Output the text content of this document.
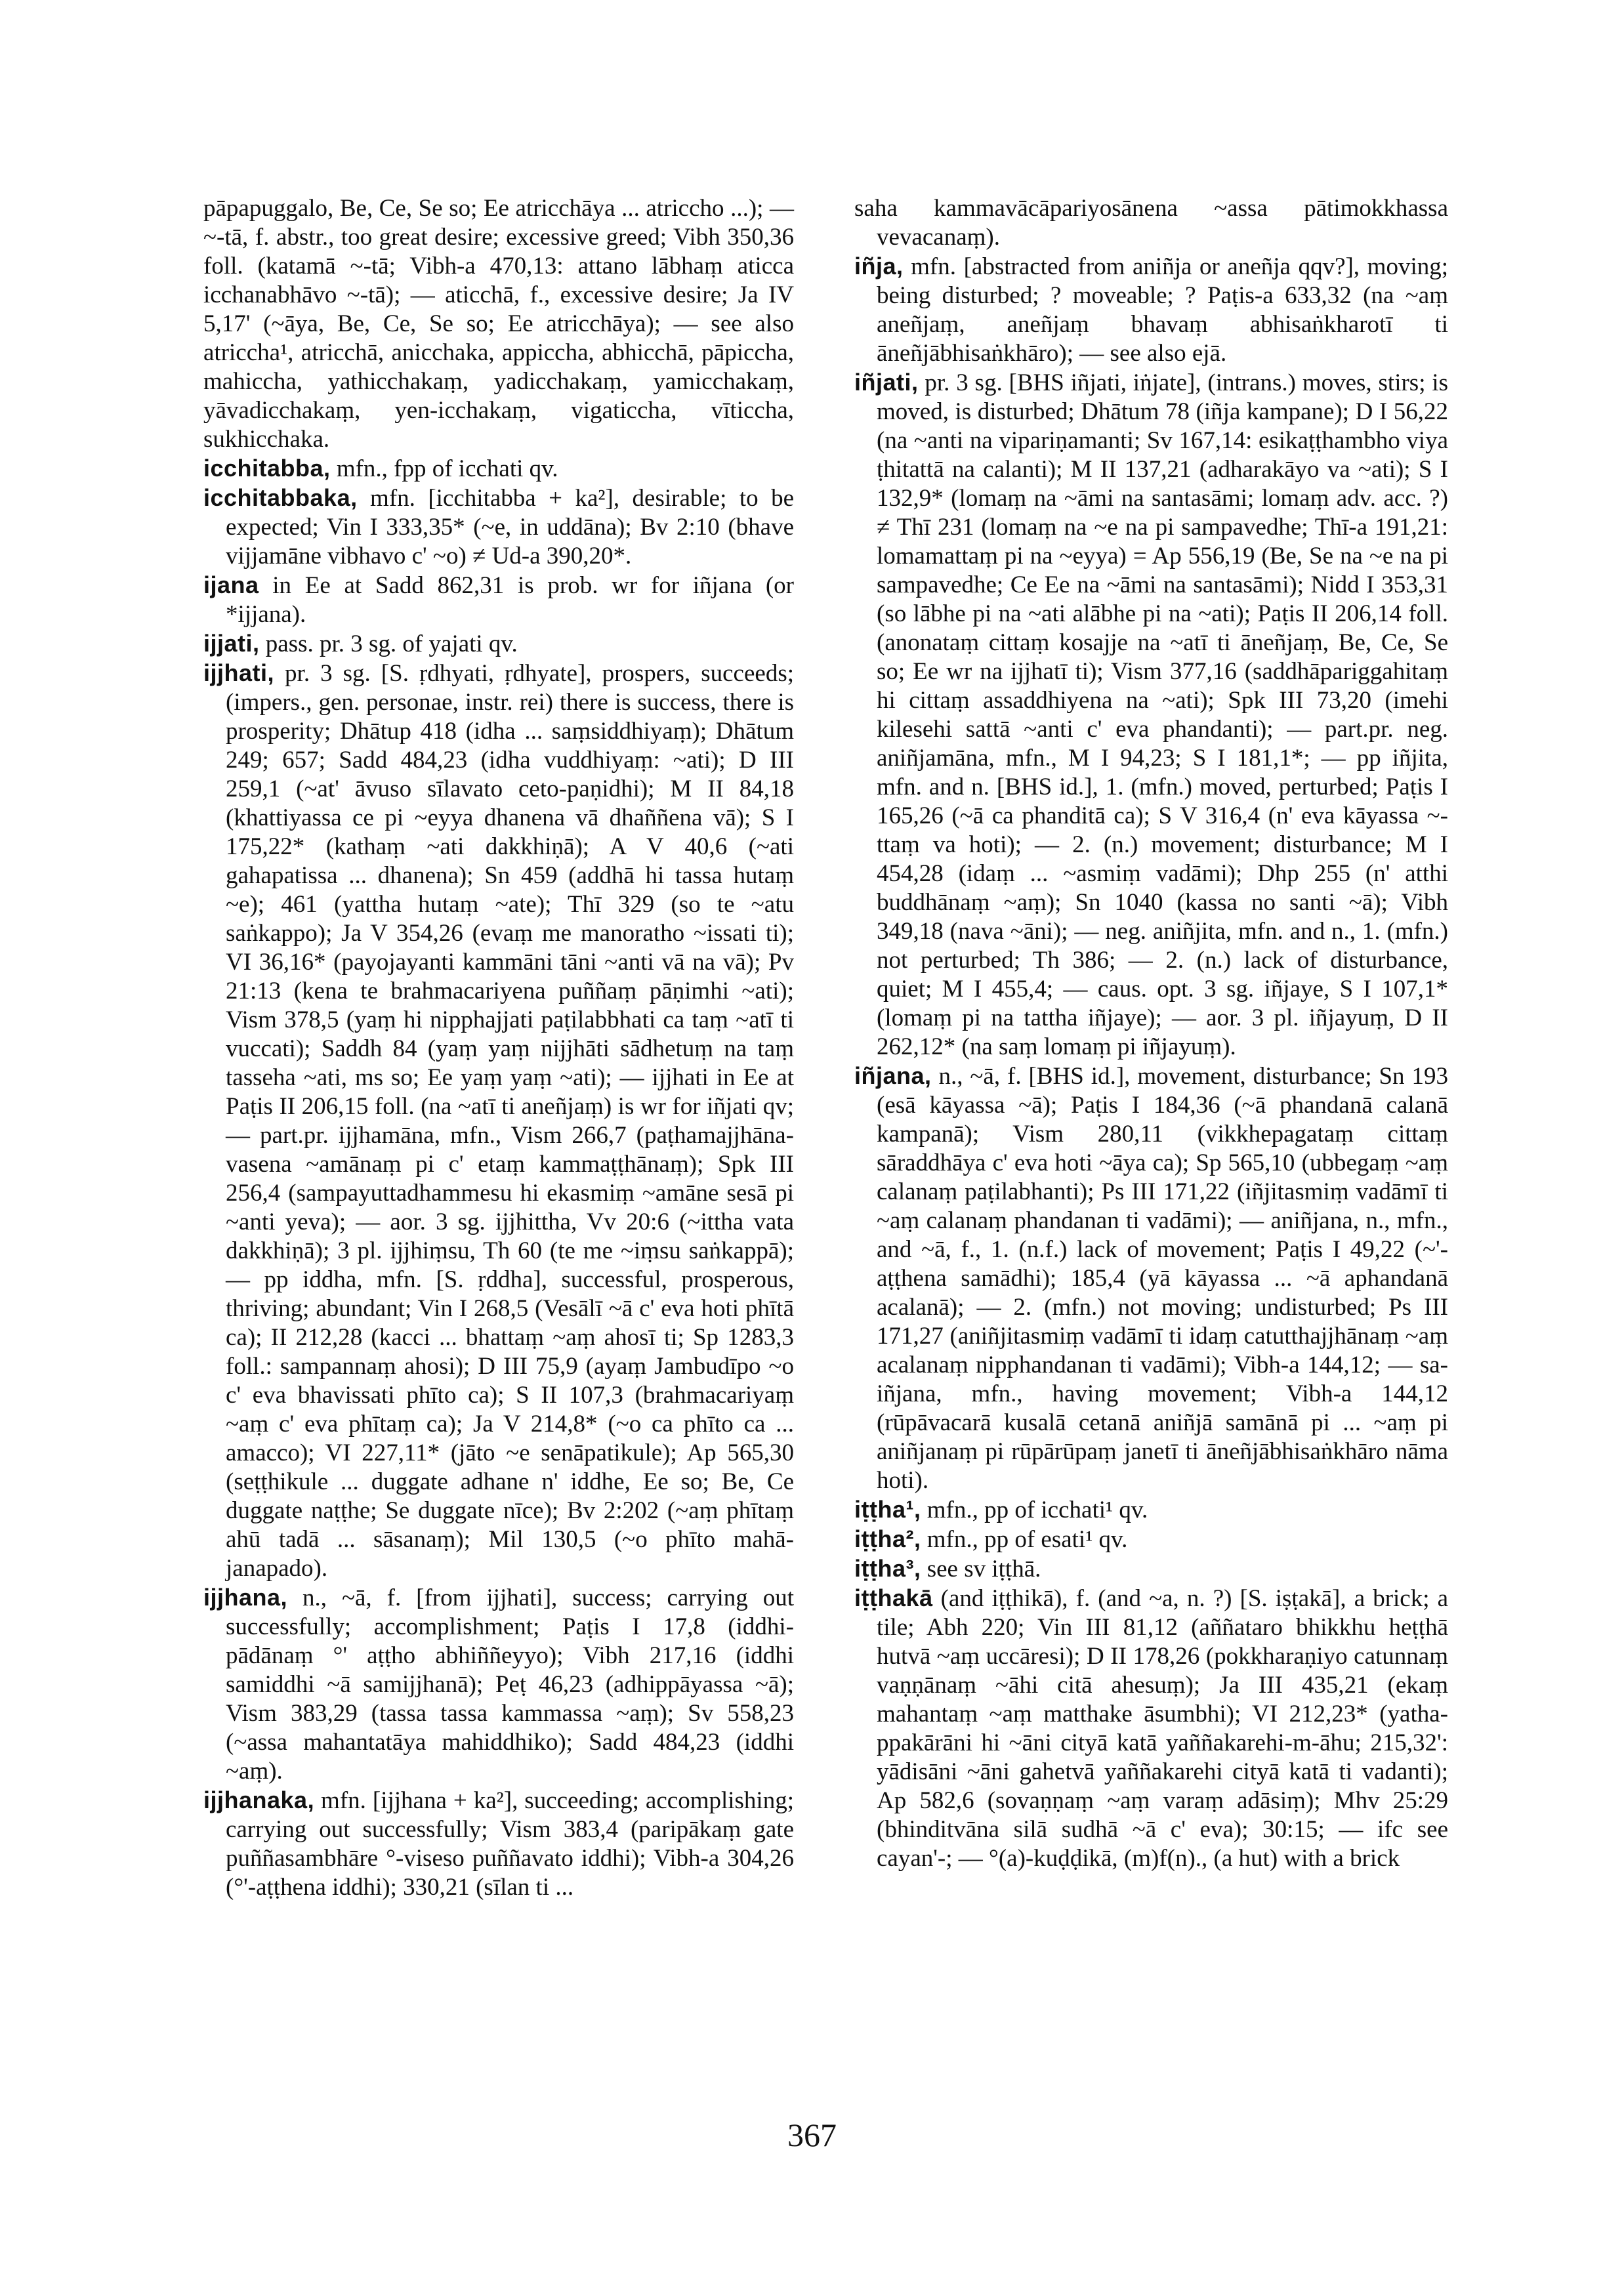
pāpapuggalo, Be, Ce, Se so; Ee atricchāya ... atriccho ...); — ~-tā, f. abstr., too great desire; excessive greed; Vibh 350,36 foll. (katamā ~-tā; Vibh-a 470,13: attano lābhaṃ aticca icchanabhāvo ~-tā); — aticchā, f., excessive desire; Ja IV 5,17' (~āya, Be, Ce, Se so; Ee atricchāya); — see also atriccha¹, atricchā, anicchaka, appiccha, abhicchā, pāpiccha, mahiccha, yathicchakaṃ, yadicchakaṃ, yamicchakaṃ, yāvadicchakaṃ, yen-icchakaṃ, vigaticcha, vīticcha, sukhicchaka.

icchitabba, mfn., fpp of icchati qv.

icchitabbaka, mfn. [icchitabba + ka²], desirable; to be expected; Vin I 333,35* (~e, in uddāna); Bv 2:10 (bhave vijjamāne vibhavo c' ~o) ≠ Ud-a 390,20*.

ijana in Ee at Sadd 862,31 is prob. wr for iñjana (or *ijjana).

ijjati, pass. pr. 3 sg. of yajati qv.

ijjhati, pr. 3 sg. [S. ṛdhyati, ṛdhyate], prospers, succeeds; (impers., gen. personae, instr. rei) there is success, there is prosperity; Dhātup 418 (idha ... saṃsiddhiyaṃ); Dhātum 249; 657; Sadd 484,23 (idha vuddhiyaṃ: ~ati); D III 259,1 (~at' āvuso sīlavato ceto-paṇidhi); M II 84,18 (khattiyassa ce pi ~eyya dhanena vā dhaññena vā); S I 175,22* (kathaṃ ~ati dakkhiṇā); A V 40,6 (~ati gahapatissa ... dhanena); Sn 459 (addhā hi tassa hutaṃ ~e); 461 (yattha hutaṃ ~ate); Thī 329 (so te ~atu saṅkappo); Ja V 354,26 (evaṃ me manoratho ~issati ti); VI 36,16* (payojayanti kammāni tāni ~anti vā na vā); Pv 21:13 (kena te brahmacariyena puññaṃ pāṇimhi ~ati); Vism 378,5 (yaṃ hi nipphajjati paṭilabbhati ca taṃ ~atī ti vuccati); Saddh 84 (yaṃ yaṃ nijjhāti sādhetuṃ na taṃ tasseha ~ati, ms so; Ee yaṃ yaṃ ~ati); — ijjhati in Ee at Paṭis II 206,15 foll. (na ~atī ti aneñjaṃ) is wr for iñjati qv; — part.pr. ijjhamāna, mfn., Vism 266,7 (paṭhamajjhāna-vasena ~amānaṃ pi c' etaṃ kammaṭṭhānaṃ); Spk III 256,4 (sampayuttadhammesu hi ekasmiṃ ~amāne sesā pi ~anti yeva); — aor. 3 sg. ijjhittha, Vv 20:6 (~ittha vata dakkhiṇā); 3 pl. ijjhiṃsu, Th 60 (te me ~iṃsu saṅkappā); — pp iddha, mfn. [S. ṛddha], successful, prosperous, thriving; abundant; Vin I 268,5 (Vesālī ~ā c' eva hoti phītā ca); II 212,28 (kacci ... bhattaṃ ~aṃ ahosī ti; Sp 1283,3 foll.: sampannaṃ ahosi); D III 75,9 (ayaṃ Jambudīpo ~o c' eva bhavissati phīto ca); S II 107,3 (brahmacariyaṃ ~aṃ c' eva phītaṃ ca); Ja V 214,8* (~o ca phīto ca ... amacco); VI 227,11* (jāto ~e senāpatikule); Ap 565,30 (seṭṭhikule ... duggate adhane n' iddhe, Ee so; Be, Ce duggate naṭṭhe; Se duggate nīce); Bv 2:202 (~aṃ phītaṃ ahū tadā ... sāsanaṃ); Mil 130,5 (~o phīto mahā-janapado).

ijjhana, n., ~ā, f. [from ijjhati], success; carrying out successfully; accomplishment; Paṭis I 17,8 (iddhi-pādānaṃ °' aṭṭho abhiññeyyo); Vibh 217,16 (iddhi samiddhi ~ā samijjhanā); Peṭ 46,23 (adhippāyassa ~ā); Vism 383,29 (tassa tassa kammassa ~aṃ); Sv 558,23 (~assa mahantatāya mahiddhiko); Sadd 484,23 (iddhi ~aṃ).

ijjhanaka, mfn. [ijjhana + ka²], succeeding; accomplishing; carrying out successfully; Vism 383,4 (paripākaṃ gate puññasambhāre °-viseso puññavato iddhi); Vibh-a 304,26 (°'-aṭṭhena iddhi); 330,21 (sīlan ti ...

saha kammavācāpariyosānena ~assa pātimokkhassa vevacanaṃ).

iñja, mfn. [abstracted from aniñja or aneñja qqv?], moving; being disturbed; ? moveable; ? Paṭis-a 633,32 (na ~aṃ aneñjaṃ, aneñjaṃ bhavaṃ abhisaṅkharotī ti āneñjābhisaṅkhāro); — see also ejā.

iñjati, pr. 3 sg. [BHS iñjati, iṅjate], (intrans.) moves, stirs; is moved, is disturbed; Dhātum 78 (iñja kampane); D I 56,22 (na ~anti na vipariṇamanti; Sv 167,14: esikaṭṭhambho viya ṭhitattā na calanti); M II 137,21 (adharakāyo va ~ati); S I 132,9* (lomaṃ na ~āmi na santasāmi; lomaṃ adv. acc. ?) ≠ Thī 231 (lomaṃ na ~e na pi sampavedhe; Thī-a 191,21: lomamattaṃ pi na ~eyya) = Ap 556,19 (Be, Se na ~e na pi sampavedhe; Ce Ee na ~āmi na santasāmi); Nidd I 353,31 (so lābhe pi na ~ati alābhe pi na ~ati); Paṭis II 206,14 foll. (anonataṃ cittaṃ kosajje na ~atī ti āneñjaṃ, Be, Ce, Se so; Ee wr na ijjhatī ti); Vism 377,16 (saddhāpariggahitaṃ hi cittaṃ assaddhiyena na ~ati); Spk III 73,20 (imehi kilesehi sattā ~anti c' eva phandanti); — part.pr. neg. aniñjamāna, mfn., M I 94,23; S I 181,1*; — pp iñjita, mfn. and n. [BHS id.], 1. (mfn.) moved, perturbed; Paṭis I 165,26 (~ā ca phanditā ca); S V 316,4 (n' eva kāyassa ~-ttaṃ va hoti); — 2. (n.) movement; disturbance; M I 454,28 (idaṃ ... ~asmiṃ vadāmi); Dhp 255 (n' atthi buddhānaṃ ~aṃ); Sn 1040 (kassa no santi ~ā); Vibh 349,18 (nava ~āni); — neg. aniñjita, mfn. and n., 1. (mfn.) not perturbed; Th 386; — 2. (n.) lack of disturbance, quiet; M I 455,4; — caus. opt. 3 sg. iñjaye, S I 107,1* (lomaṃ pi na tattha iñjaye); — aor. 3 pl. iñjayuṃ, D II 262,12* (na saṃ lomaṃ pi iñjayuṃ).

iñjana, n., ~ā, f. [BHS id.], movement, disturbance; Sn 193 (esā kāyassa ~ā); Paṭis I 184,36 (~ā phandanā calanā kampanā); Vism 280,11 (vikkhepagataṃ cittaṃ sāraddhāya c' eva hoti ~āya ca); Sp 565,10 (ubbegaṃ ~aṃ calanaṃ paṭilabhanti); Ps III 171,22 (iñjitasmiṃ vadāmī ti ~aṃ calanaṃ phandanan ti vadāmi); — aniñjana, n., mfn., and ~ā, f., 1. (n.f.) lack of movement; Paṭis I 49,22 (~'-aṭṭhena samādhi); 185,4 (yā kāyassa ... ~ā aphandanā acalanā); — 2. (mfn.) not moving; undisturbed; Ps III 171,27 (aniñjitasmiṃ vadāmī ti idaṃ catutthajjhānaṃ ~aṃ acalanaṃ nipphandanan ti vadāmi); Vibh-a 144,12; — sa-iñjana, mfn., having movement; Vibh-a 144,12 (rūpāvacarā kusalā cetanā aniñjā samānā pi ... ~aṃ pi aniñjanaṃ pi rūpārūpaṃ janetī ti āneñjābhisaṅkhāro nāma hoti).

iṭṭha¹, mfn., pp of icchati¹ qv.

iṭṭha², mfn., pp of esati¹ qv.

iṭṭha³, see sv iṭṭhā.

iṭṭhakā (and iṭṭhikā), f. (and ~a, n. ?) [S. iṣṭakā], a brick; a tile; Abh 220; Vin III 81,12 (aññataro bhikkhu heṭṭhā hutvā ~aṃ uccāresi); D II 178,26 (pokkharaṇiyo catunnaṃ vaṇṇānaṃ ~āhi citā ahesuṃ); Ja III 435,21 (ekaṃ mahantaṃ ~aṃ matthake āsumbhi); VI 212,23* (yatha-ppakārāni hi ~āni cityā katā yaññakarehi-m-āhu; 215,32': yādisāni ~āni gahetvā yaññakarehi cityā katā ti vadanti); Ap 582,6 (sovaṇṇaṃ ~aṃ varaṃ adāsiṃ); Mhv 25:29 (bhinditvāna silā sudhā ~ā c' eva); 30:15; — ifc see cayan'-; — °(a)-kuḍḍikā, (m)f(n)., (a hut) with a brick

367
